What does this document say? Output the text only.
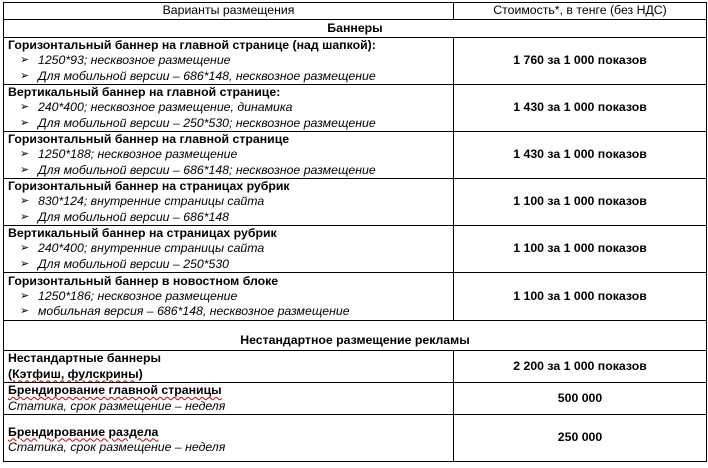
Варианты размещения	Стоимость*, в тенге (без НДС)
Баннеры	

Горизонтальный баннер на главной странице (над шапкой):
➢ 1250*93; несквозное размещение
➢ Для мобильной версии – 686*148, несквозное размещение	1 760 за 1 000 показов

Вертикальный баннер на главной странице:
➢ 240*400; несквозное размещение, динамика
➢ Для мобильной версии – 250*530; несквозное размещение	1 430 за 1 000 показов

Горизонтальный баннер на главной странице
➢ 1250*188; несквозное размещение
➢ Для мобильной версии – 686*148; несквозное размещение	1 430 за 1 000 показов

Горизонтальный баннер на страницах рубрик
➢ 830*124; внутренние страницы сайта
➢ Для мобильной версии – 686*148	1 100 за 1 000 показов

Вертикальный баннер на страницах рубрик
➢ 240*400; внутренние страницы сайта
➢ Для мобильной версии – 250*530	1 100 за 1 000 показов

Горизонтальный баннер в новостном блоке
➢ 1250*186; несквозное размещение
➢ мобильная версия – 686*148, несквозное размещение	1 100 за 1 000 показов
Нестандартное размещение рекламы	

Нестандартные баннеры
(Кэтфиш, фулскрины)	2 200 за 1 000 показов

Брендирование главной страницы
Статика, срок размещение – неделя	500 000

Брендирование раздела
Статика, срок размещение – неделя	250 000
